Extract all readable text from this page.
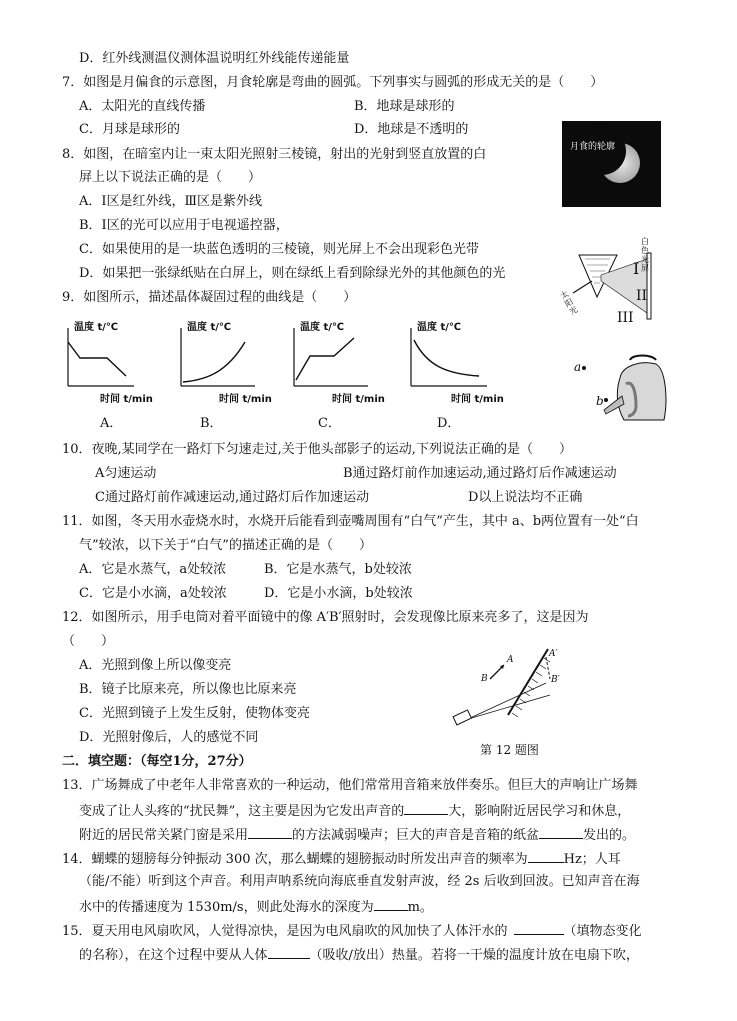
D．红外线测温仪测体温说明红外线能传递能量
7．如图是月偏食的示意图，月食轮廓是弯曲的圆弧。下列事实与圆弧的形成无关的是（　　）
A．太阳光的直线传播	B．地球是球形的
C．月球是球形的	D．地球是不透明的
月食的轮廓
8．如图，在暗室内让一束太阳光照射三棱镜，射出的光射到竖直放置的白
屏上以下说法正确的是（　　）
A．Ⅰ区是红外线，Ⅲ区是紫外线
B．Ⅰ区的光可以应用于电视遥控器，
C．如果使用的是一块蓝色透明的三棱镜，则光屏上不会出现彩色光带
D．如果把一张绿纸贴在白屏上，则在绿纸上看到除绿光外的其他颜色的光
白色光屏
太阳光
I
II
III
9．如图所示，描述晶体凝固过程的曲线是（　　）
温度 t/℃
时间 t/min
A．
温度 t/℃
时间 t/min
B．
温度 t/℃
时间 t/min
C．
温度 t/℃
时间 t/min
D．
a
b
10．夜晚,某同学在一路灯下匀速走过,关于他头部影子的运动,下列说法正确的是（　　）
A匀速运动	B通过路灯前作加速运动,通过路灯后作减速运动
C通过路灯前作减速运动,通过路灯后作加速运动	D以上说法均不正确
11．如图，冬天用水壶烧水时，水烧开后能看到壶嘴周围有“白气”产生，其中 a、b两位置有一处“白
气”较浓，以下关于“白气”的描述正确的是（　　）
A．它是水蒸气，a处较浓	B．它是水蒸气，b处较浓
C．它是小水滴，a处较浓	D．它是小水滴，b处较浓
12．如图所示，用手电筒对着平面镜中的像 A′B′照射时，会发现像比原来亮多了，这是因为
（　　）
A．光照到像上所以像变亮
B．镜子比原来亮，所以像也比原来亮
C．光照到镜子上发生反射，使物体变亮
D．光照射像后，人的感觉不同
A
B
A′
B′
第 12 题图
二．填空题：（每空1分，27分）
13．广场舞成了中老年人非常喜欢的一种运动，他们常常用音箱来放伴奏乐。但巨大的声响让广场舞
变成了让人头疼的“扰民舞”，这主要是因为它发出声音的	大，影响附近居民学习和休息，
附近的居民常关紧门窗是采用	的方法减弱噪声；巨大的声音是音箱的纸盆	发出的。
14．蝴蝶的翅膀每分钟振动 300 次，那么蝴蝶的翅膀振动时所发出声音的频率为	Hz；人耳
（能/不能）听到这个声音。利用声呐系统向海底垂直发射声波，经 2s 后收到回波。已知声音在海
水中的传播速度为 1530m/s，则此处海水的深度为	m。
15．夏天用电风扇吹风，人觉得凉快，是因为电风扇吹的风加快了人体汗水的	（填物态变化
的名称），在这个过程中要从人体	（吸收/放出）热量。若将一干燥的温度计放在电扇下吹，
